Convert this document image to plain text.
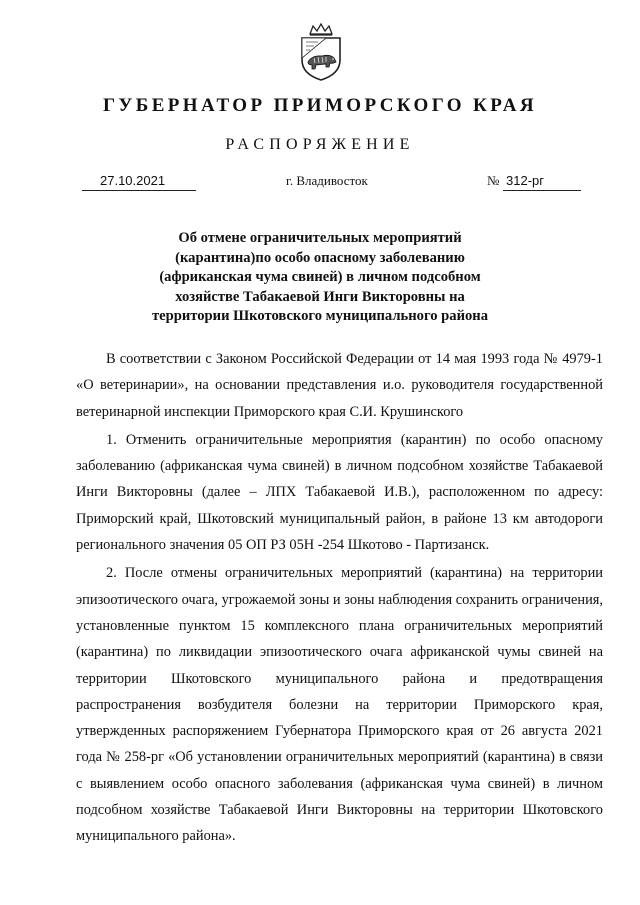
ГУБЕРНАТОР ПРИМОРСКОГО КРАЯ
РАСПОРЯЖЕНИЕ
27.10.2021	г. Владивосток	№ 312-рг
Об отмене ограничительных мероприятий
(карантина)по особо опасному заболеванию
(африканская чума свиней) в личном подсобном
хозяйстве Табакаевой Инги Викторовны на
территории Шкотовского муниципального района

В соответствии с Законом Российской Федерации от 14 мая 1993 года № 4979-1 «О ветеринарии», на основании представления и.о. руководителя государственной ветеринарной инспекции Приморского края С.И. Крушинского

1. Отменить ограничительные мероприятия (карантин) по особо опасному заболеванию (африканская чума свиней) в личном подсобном хозяйстве Табакаевой Инги Викторовны (далее – ЛПХ Табакаевой И.В.), расположенном по адресу: Приморский край, Шкотовский муниципальный район, в районе 13 км автодороги регионального значения 05 ОП РЗ 05Н -254 Шкотово - Партизанск.

2. После отмены ограничительных мероприятий (карантина) на территории эпизоотического очага, угрожаемой зоны и зоны наблюдения сохранить ограничения, установленные пунктом 15 комплексного плана ограничительных мероприятий (карантина) по ликвидации эпизоотического очага африканской чумы свиней на территории Шкотовского муниципального района и предотвращения распространения возбудителя болезни на территории Приморского края, утвержденных распоряжением Губернатора Приморского края от 26 августа 2021 года № 258-рг «Об установлении ограничительных мероприятий (карантина) в связи с выявлением особо опасного заболевания (африканская чума свиней) в личном подсобном хозяйстве Табакаевой Инги Викторовны на территории Шкотовского муниципального района».
